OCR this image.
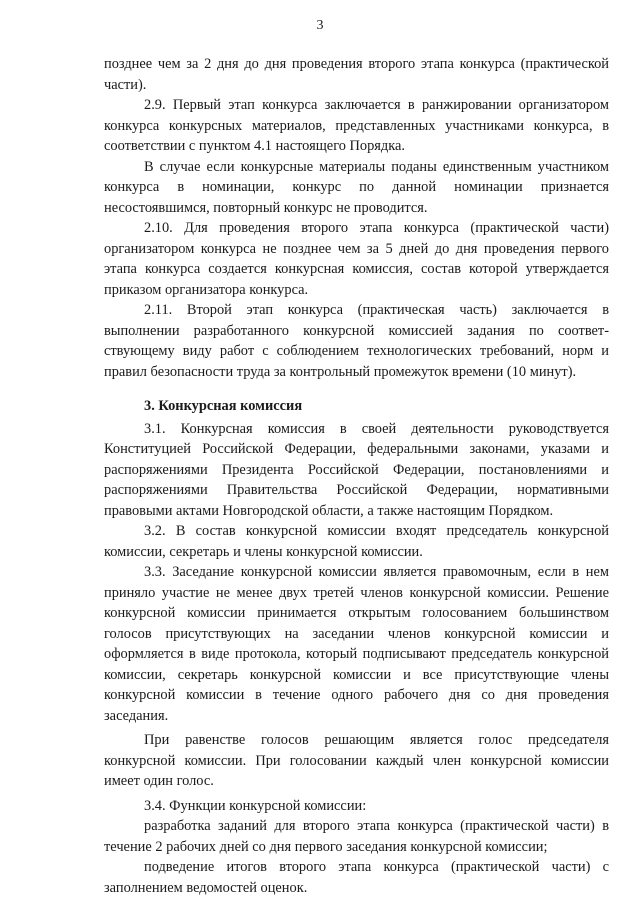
3

позднее чем за 2 дня до дня проведения второго этапа конкурса (практической части).

2.9. Первый этап конкурса заключается в ранжировании организатором конкурса конкурсных материалов, представленных участниками конкурса, в соответствии с пунктом 4.1 настоящего Порядка.

В случае если конкурсные материалы поданы единственным участником конкурса в номинации, конкурс по данной номинации признается несостоявшимся, повторный конкурс не проводится.

2.10. Для проведения второго этапа конкурса (практической части) организатором конкурса не позднее чем за 5 дней до дня проведения первого этапа конкурса создается конкурсная комиссия, состав которой утверждается приказом организатора конкурса.

2.11. Второй этап конкурса (практическая часть) заключается в выполнении разработанного конкурсной комиссией задания по соответ-ствующему виду работ с соблюдением технологических требований, норм и правил безопасности труда за контрольный промежуток времени (10 минут).

3. Конкурсная комиссия

3.1. Конкурсная комиссия в своей деятельности руководствуется Конституцией Российской Федерации, федеральными законами, указами и распоряжениями Президента Российской Федерации, постановлениями и распоряжениями Правительства Российской Федерации, нормативными правовыми актами Новгородской области, а также настоящим Порядком.

3.2. В состав конкурсной комиссии входят председатель конкурсной комиссии, секретарь и члены конкурсной комиссии.

3.3. Заседание конкурсной комиссии является правомочным, если в нем приняло участие не менее двух третей членов конкурсной комиссии. Решение конкурсной комиссии принимается открытым голосованием большинством голосов присутствующих на заседании членов конкурсной комиссии и оформляется в виде протокола, который подписывают председатель конкурсной комиссии, секретарь конкурсной комиссии и все присутствующие члены конкурсной комиссии в течение одного рабочего дня со дня проведения заседания.

При равенстве голосов решающим является голос председателя конкурсной комиссии. При голосовании каждый член конкурсной комиссии имеет один голос.

3.4. Функции конкурсной комиссии:

разработка заданий для второго этапа конкурса (практической части) в течение 2 рабочих дней со дня первого заседания конкурсной комиссии;

подведение итогов второго этапа конкурса (практической части) с заполнением ведомостей оценок.
